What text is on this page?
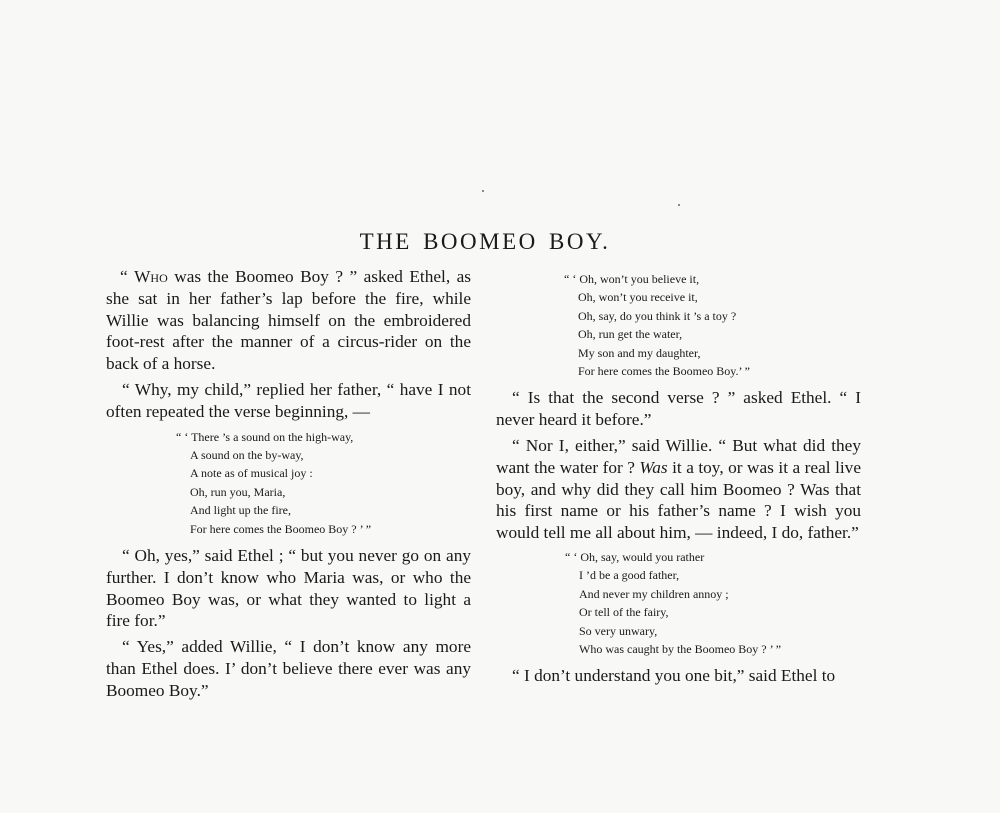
THE BOOMEO BOY.

“ Who was the Boomeo Boy ? ” asked Ethel, as she sat in her father’s lap before the fire, while Willie was balancing himself on the embroidered foot-rest after the manner of a circus-rider on the back of a horse.

“ Why, my child,” replied her father, “ have I not often repeated the verse beginning, —

“ ‘ There ’s a sound on the high-way,
A sound on the by-way,
A note as of musical joy :
Oh, run you, Maria,
And light up the fire,
For here comes the Boomeo Boy ? ’ ”

“ Oh, yes,” said Ethel ; “ but you never go on any further. I don’t know who Maria was, or who the Boomeo Boy was, or what they wanted to light a fire for.”

“ Yes,” added Willie, “ I don’t know any more than Ethel does. I’ don’t believe there ever was any Boomeo Boy.”

“ ‘ Oh, won’t you believe it,
Oh, won’t you receive it,
Oh, say, do you think it ’s a toy ?
Oh, run get the water,
My son and my daughter,
For here comes the Boomeo Boy.’ ”

“ Is that the second verse ? ” asked Ethel. “ I never heard it before.”

“ Nor I, either,” said Willie. “ But what did they want the water for ? Was it a toy, or was it a real live boy, and why did they call him Boomeo ? Was that his first name or his father’s name ? I wish you would tell me all about him, — indeed, I do, father.”

“ ‘ Oh, say, would you rather
I ’d be a good father,
And never my children annoy ;
Or tell of the fairy,
So very unwary,
Who was caught by the Boomeo Boy ? ’ ”

“ I don’t understand you one bit,” said Ethel to
